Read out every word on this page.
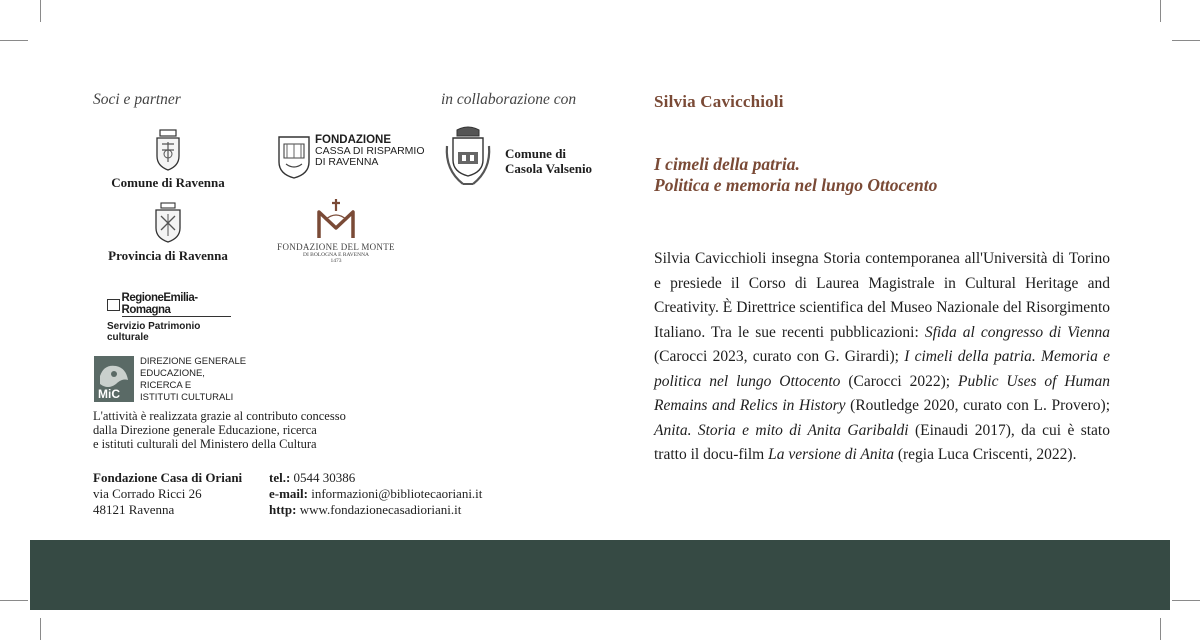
Soci e partner	in collaborazione con
Comune di Ravenna
Provincia di Ravenna
FONDAZIONE
CASSA DI RISPARMIO
DI RAVENNA
FONDAZIONE DEL MONTE
DI BOLOGNA E RAVENNA
1473
Comune di
Casola Valsenio
RegioneEmilia-Romagna
Servizio Patrimonio culturale
MiC
DIREZIONE GENERALE
EDUCAZIONE,
RICERCA E
ISTITUTI CULTURALI
L'attività è realizzata grazie al contributo concesso
dalla Direzione generale Educazione, ricerca
e istituti culturali del Ministero della Cultura
Fondazione Casa di Oriani
via Corrado Ricci 26
48121 Ravenna
tel.: 0544 30386
e-mail: informazioni@bibliotecaoriani.it
http: www.fondazionecasadioriani.it
Silvia Cavicchioli
I cimeli della patria.
Politica e memoria nel lungo Ottocento
Silvia Cavicchioli insegna Storia contemporanea all'Università di Torino e presiede il Corso di Laurea Magistrale in Cultural Heritage and Creativity. È Direttrice scientifica del Museo Nazionale del Risorgimento Italiano. Tra le sue recenti pubblicazioni: Sfida al congresso di Vienna (Carocci 2023, curato con G. Girardi); I cimeli della patria. Memoria e politica nel lungo Ottocento (Carocci 2022); Public Uses of Human Remains and Relics in History (Routledge 2020, curato con L. Provero); Anita. Storia e mito di Anita Garibaldi (Einaudi 2017), da cui è stato tratto il docu-film La versione di Anita (regia Luca Criscenti, 2022).
